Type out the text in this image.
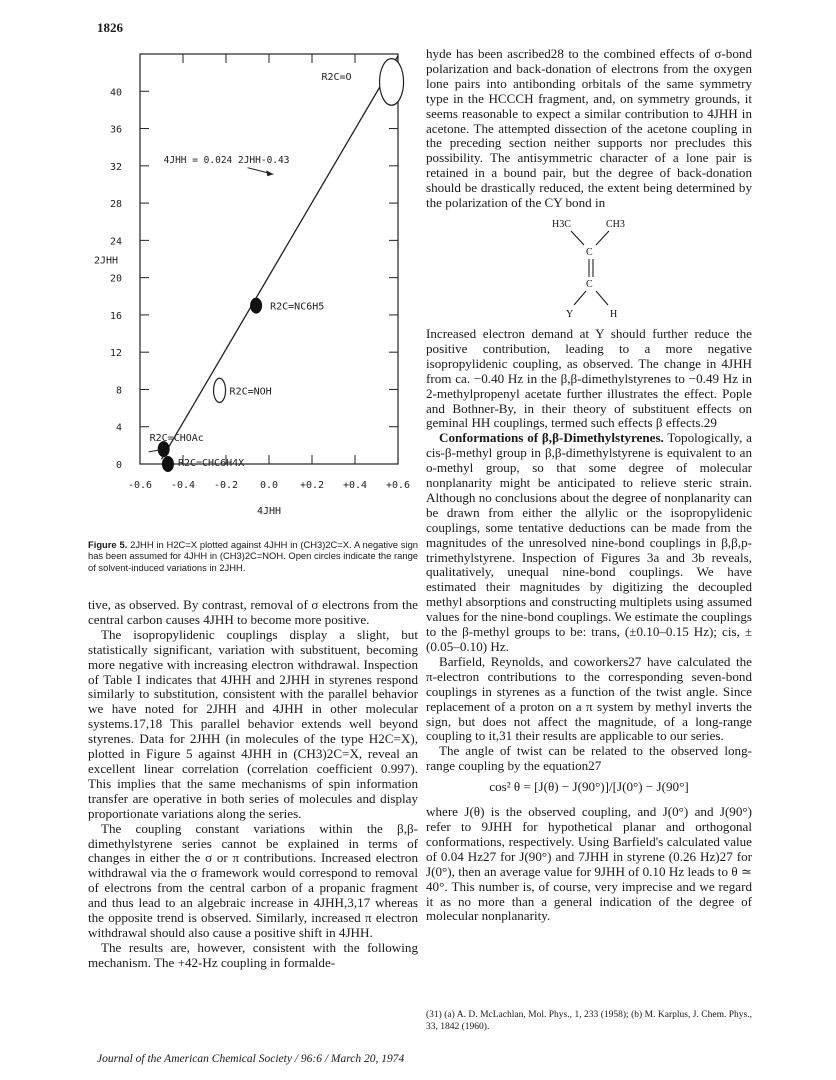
1826
0
4
8
12
16
20
24
28
32
36
40
-0.6 -0.4 -0.2 0.0 +0.2 +0.4 +0.6
2JHH
4JHH
4JHH = 0.024 2JHH-0.43
R2C=O
R2C=NC6H5
R2C=NOH
R2C=CHOAc
R2C=CHC6H4X
Figure 5. 2JHH in H2C=X plotted against 4JHH in (CH3)2C=X. A negative sign has been assumed for 4JHH in (CH3)2C=NOH. Open circles indicate the range of solvent-induced variations in 2JHH.

tive, as observed. By contrast, removal of σ electrons from the central carbon causes 4JHH to become more positive.

The isopropylidenic couplings display a slight, but statistically significant, variation with substituent, becoming more negative with increasing electron withdrawal. Inspection of Table I indicates that 4JHH and 2JHH in styrenes respond similarly to substitution, consistent with the parallel behavior we have noted for 2JHH and 4JHH in other molecular systems.17,18 This parallel behavior extends well beyond styrenes. Data for 2JHH (in molecules of the type H2C=X), plotted in Figure 5 against 4JHH in (CH3)2C=X, reveal an excellent linear correlation (correlation coefficient 0.997). This implies that the same mechanisms of spin information transfer are operative in both series of molecules and display proportionate variations along the series.

The coupling constant variations within the β,β-dimethylstyrene series cannot be explained in terms of changes in either the σ or π contributions. Increased electron withdrawal via the σ framework would correspond to removal of electrons from the central carbon of a propanic fragment and thus lead to an algebraic increase in 4JHH,3,17 whereas the opposite trend is observed. Similarly, increased π electron withdrawal should also cause a positive shift in 4JHH.

The results are, however, consistent with the following mechanism. The +42-Hz coupling in formalde-

hyde has been ascribed28 to the combined effects of σ-bond polarization and back-donation of electrons from the oxygen lone pairs into antibonding orbitals of the same symmetry type in the HCCCH fragment, and, on symmetry grounds, it seems reasonable to expect a similar contribution to 4JHH in acetone. The attempted dissection of the acetone coupling in the preceding section neither supports nor precludes this possibility. The antisymmetric character of a lone pair is retained in a bound pair, but the degree of back-donation should be drastically reduced, the extent being determined by the polarization of the CY bond in

H3C	CH3
C
C
Y	H

Increased electron demand at Y should further reduce the positive contribution, leading to a more negative isopropylidenic coupling, as observed. The change in 4JHH from ca. −0.40 Hz in the β,β-dimethylstyrenes to −0.49 Hz in 2-methylpropenyl acetate further illustrates the effect. Pople and Bothner-By, in their theory of substituent effects on geminal HH couplings, termed such effects β effects.29

Conformations of β,β-Dimethylstyrenes. Topologically, a cis-β-methyl group in β,β-dimethylstyrene is equivalent to an o-methyl group, so that some degree of molecular nonplanarity might be anticipated to relieve steric strain. Although no conclusions about the degree of nonplanarity can be drawn from either the allylic or the isopropylidenic couplings, some tentative deductions can be made from the magnitudes of the unresolved nine-bond couplings in β,β,p-trimethylstyrene. Inspection of Figures 3a and 3b reveals, qualitatively, unequal nine-bond couplings. We have estimated their magnitudes by digitizing the decoupled methyl absorptions and constructing multiplets using assumed values for the nine-bond couplings. We estimate the couplings to the β-methyl groups to be: trans, (±0.10–0.15 Hz); cis, ±(0.05–0.10) Hz.

Barfield, Reynolds, and coworkers27 have calculated the π-electron contributions to the corresponding seven-bond couplings in styrenes as a function of the twist angle. Since replacement of a proton on a π system by methyl inverts the sign, but does not affect the magnitude, of a long-range coupling to it,31 their results are applicable to our series.

The angle of twist can be related to the observed long-range coupling by the equation27

cos² θ = [J(θ) − J(90°)]/[J(0°) − J(90°]

where J(θ) is the observed coupling, and J(0°) and J(90°) refer to 9JHH for hypothetical planar and orthogonal conformations, respectively. Using Barfield's calculated value of 0.04 Hz27 for J(90°) and 7JHH in styrene (0.26 Hz)27 for J(0°), then an average value for 9JHH of 0.10 Hz leads to θ ≃ 40°. This number is, of course, very imprecise and we regard it as no more than a general indication of the degree of molecular nonplanarity.

(31) (a) A. D. McLachlan, Mol. Phys., 1, 233 (1958); (b) M. Karplus, J. Chem. Phys., 33, 1842 (1960).
Journal of the American Chemical Society / 96:6 / March 20, 1974
